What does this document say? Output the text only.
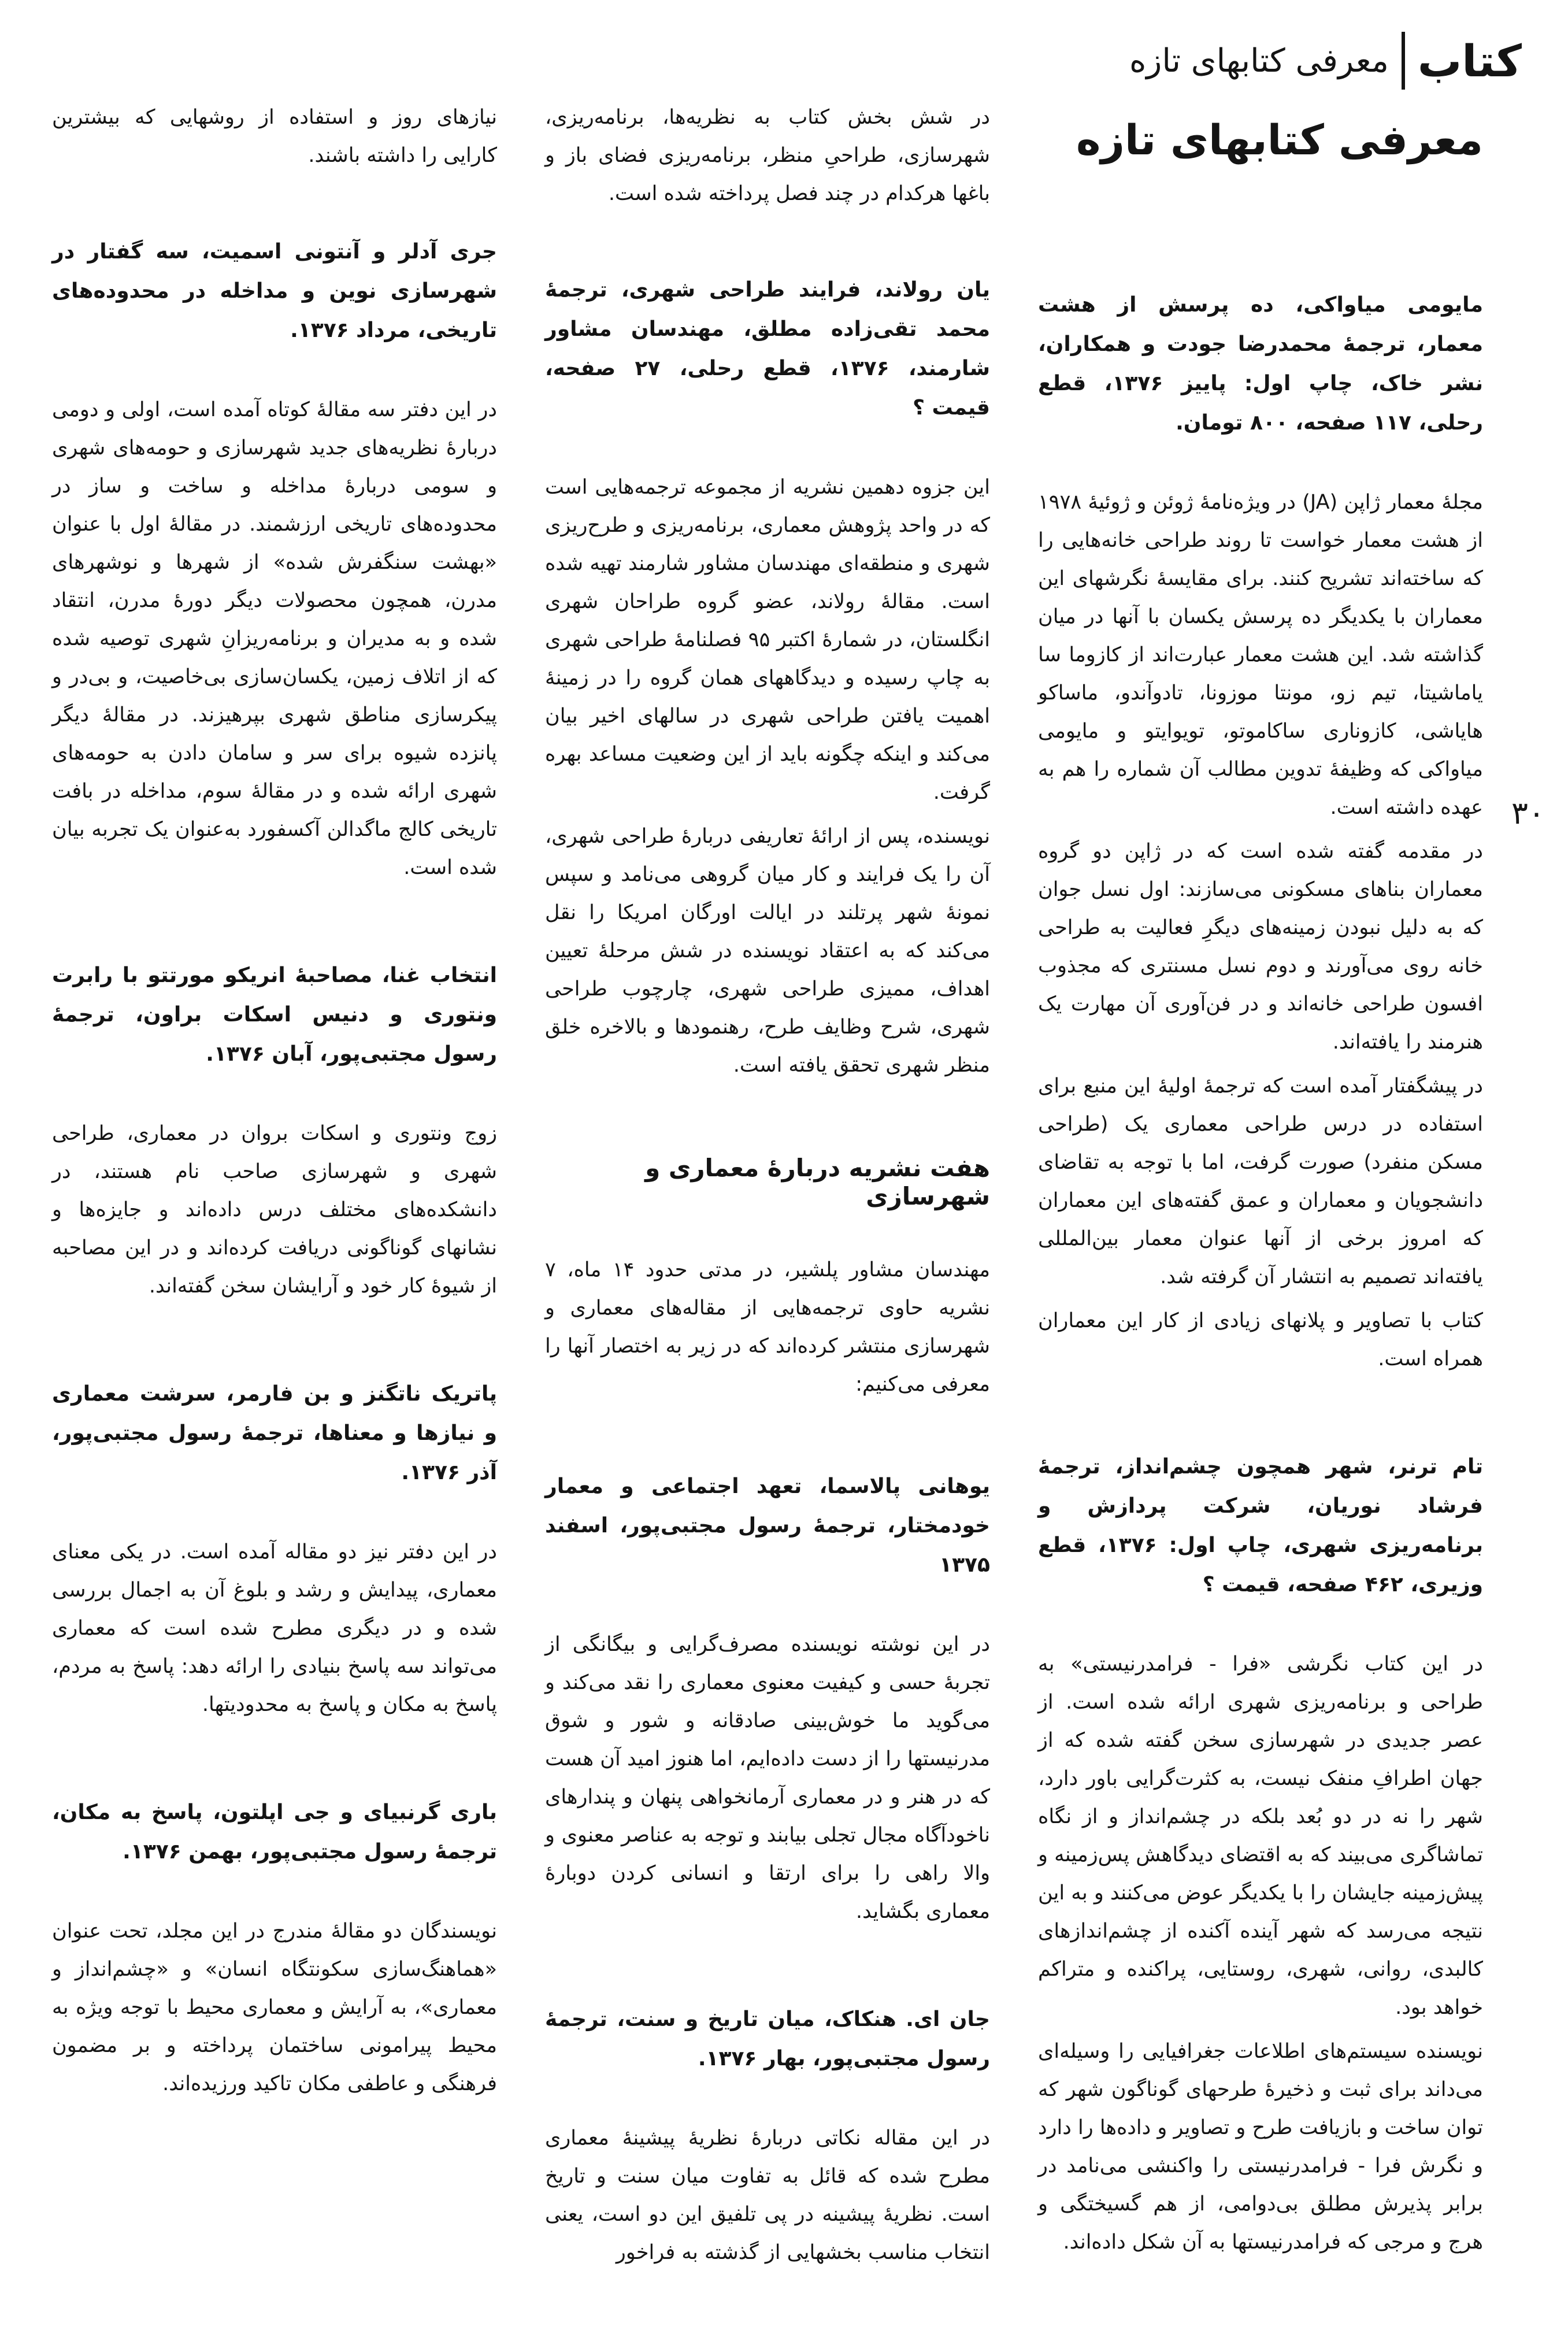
کتاب
معرفی کتابهای تازه
۳۰
معرفی کتابهای تازه
مایومی میاواکی، ده پرسش از هشت معمار، ترجمهٔ محمدرضا جودت و همکاران، نشر خاک، چاپ اول: پاییز ۱۳۷۶، قطع رحلی، ۱۱۷ صفحه، ۸۰۰ تومان.

مجلهٔ معمار ژاپن (JA) در ویژه‌نامهٔ ژوئن و ژوئیهٔ ۱۹۷۸ از هشت معمار خواست تا روند طراحی خانه‌هایی را که ساخته‌اند تشریح کنند. برای مقایسهٔ نگرشهای این معماران با یکدیگر ده پرسش یکسان با آنها در میان گذاشته شد. این هشت معمار عبارت‌اند از کازوما سا یاماشیتا، تیم زو، مونتا موزونا، تادوآندو، ماساکو هایاشی، کازوناری ساکاموتو، تویوایتو و مایومی میاواکی که وظیفهٔ تدوین مطالب آن شماره را هم به عهده داشته است.

در مقدمه گفته شده است که در ژاپن دو گروه معماران بناهای مسکونی می‌سازند: اول نسل جوان که به دلیل نبودن زمینه‌های دیگرِ فعالیت به طراحی خانه روی می‌آورند و دوم نسل مسنتری که مجذوب افسون طراحی خانه‌اند و در فن‌آوری آن مهارت یک هنرمند را یافته‌اند.

در پیشگفتار آمده است که ترجمهٔ اولیهٔ این منبع برای استفاده در درس طراحی معماری یک (طراحی مسکن منفرد) صورت گرفت، اما با توجه به تقاضای دانشجویان و معماران و عمق گفته‌های این معماران که امروز برخی از آنها عنوان معمار بین‌المللی یافته‌اند تصمیم به انتشار آن گرفته شد.

کتاب با تصاویر و پلانهای زیادی از کار این معماران همراه است.

تام ترنر، شهر همچون چشم‌انداز، ترجمهٔ فرشاد نوریان، شرکت پردازش و برنامه‌ریزی شهری، چاپ اول: ۱۳۷۶، قطع وزیری، ۴۶۲ صفحه، قیمت ؟

در این کتاب نگرشی «فرا - فرامدرنیستی» به طراحی و برنامه‌ریزی شهری ارائه شده است. از عصر جدیدی در شهرسازی سخن گفته شده که از جهان اطرافِ منفک نیست، به کثرت‌گرایی باور دارد، شهر را نه در دو بُعد بلکه در چشم‌انداز و از نگاه تماشاگری می‌بیند که به اقتضای دیدگاهش پس‌زمینه و پیش‌زمینه جایشان را با یکدیگر عوض می‌کنند و به این نتیجه می‌رسد که شهر آینده آکنده از چشم‌اندازهای کالبدی، روانی، شهری، روستایی، پراکنده و متراکم خواهد بود.

نویسنده سیستم‌های اطلاعات جغرافیایی را وسیله‌ای می‌داند برای ثبت و ذخیرهٔ طرحهای گوناگون شهر که توان ساخت و بازیافت طرح و تصاویر و داده‌ها را دارد و نگرش فرا - فرامدرنیستی را واکنشی می‌نامد در برابر پذیرش مطلق بی‌دوامی، از هم گسیختگی و هرج و مرجی که فرامدرنیستها به آن شکل داده‌اند.

در شش بخش کتاب به نظریه‌ها، برنامه‌ریزی، شهرسازی، طراحیِ منظر، برنامه‌ریزی فضای باز و باغها هرکدام در چند فصل پرداخته شده است.

یان رولاند، فرایند طراحی شهری، ترجمهٔ محمد تقی‌زاده مطلق، مهندسان مشاور شارمند، ۱۳۷۶، قطع رحلی، ۲۷ صفحه، قیمت ؟

این جزوه دهمین نشریه از مجموعه ترجمه‌هایی است که در واحد پژوهش معماری، برنامه‌ریزی و طرح‌ریزی شهری و منطقه‌ای مهندسان مشاور شارمند تهیه شده است. مقالهٔ رولاند، عضو گروه طراحان شهری انگلستان، در شمارهٔ اکتبر ۹۵ فصلنامهٔ طراحی شهری به چاپ رسیده و دیدگاههای همان گروه را در زمینهٔ اهمیت یافتن طراحی شهری در سالهای اخیر بیان می‌کند و اینکه چگونه باید از این وضعیت مساعد بهره گرفت.

نویسنده، پس از ارائهٔ تعاریفی دربارهٔ طراحی شهری، آن را یک فرایند و کار میان گروهی می‌نامد و سپس نمونهٔ شهر پرتلند در ایالت اورگان امریکا را نقل می‌کند که به اعتقاد نویسنده در شش مرحلهٔ تعیین اهداف، ممیزی طراحی شهری، چارچوب طراحی شهری، شرح وظایف طرح، رهنمودها و بالاخره خلق منظر شهری تحقق یافته است.

هفت نشریه دربارهٔ معماری و شهرسازی

مهندسان مشاور پلشیر، در مدتی حدود ۱۴ ماه، ۷ نشریه حاوی ترجمه‌هایی از مقاله‌های معماری و شهرسازی منتشر کرده‌اند که در زیر به اختصار آنها را معرفی می‌کنیم:

یوهانی پالاسما، تعهد اجتماعی و معمار خودمختار، ترجمهٔ رسول مجتبی‌پور، اسفند ۱۳۷۵

در این نوشته نویسنده مصرف‌گرایی و بیگانگی از تجربهٔ حسی و کیفیت معنوی معماری را نقد می‌کند و می‌گوید ما خوش‌بینی صادقانه و شور و شوق مدرنیستها را از دست داده‌ایم، اما هنوز امید آن هست که در هنر و در معماری آرمانخواهی پنهان و پندارهای ناخودآگاه مجال تجلی بیابند و توجه به عناصر معنوی و والا راهی را برای ارتقا و انسانی کردن دوبارهٔ معماری بگشاید.

جان ای. هنکاک، میان تاریخ و سنت، ترجمهٔ رسول مجتبی‌پور، بهار ۱۳۷۶.

در این مقاله نکاتی دربارهٔ نظریهٔ پیشینهٔ معماری مطرح شده که قائل به تفاوت میان سنت و تاریخ است. نظریهٔ پیشینه در پی تلفیق این دو است، یعنی انتخاب مناسب بخشهایی از گذشته به فراخور

نیازهای روز و استفاده از روشهایی که بیشترین کارایی را داشته باشند.

جری آدلر و آنتونی اسمیت، سه گفتار در شهرسازی نوین و مداخله در محدوده‌های تاریخی، مرداد ۱۳۷۶.

در این دفتر سه مقالهٔ کوتاه آمده است، اولی و دومی دربارهٔ نظریه‌های جدید شهرسازی و حومه‌های شهری و سومی دربارهٔ مداخله و ساخت و ساز در محدوده‌های تاریخی ارزشمند. در مقالهٔ اول با عنوان «بهشت سنگفرش شده» از شهرها و نوشهرهای مدرن، همچون محصولات دیگر دورهٔ مدرن، انتقاد شده و به مدیران و برنامه‌ریزانِ شهری توصیه شده که از اتلاف زمین، یکسان‌سازی بی‌خاصیت، و بی‌در و پیکرسازی مناطق شهری بپرهیزند. در مقالهٔ دیگر پانزده شیوه برای سر و سامان دادن به حومه‌های شهری ارائه شده و در مقالهٔ سوم، مداخله در بافت تاریخی کالج ماگدالن آکسفورد به‌عنوان یک تجربه بیان شده است.

انتخاب غنا، مصاحبهٔ انریکو مورتتو با رابرت ونتوری و دنیس اسکات براون، ترجمهٔ رسول مجتبی‌پور، آبان ۱۳۷۶.

زوج ونتوری و اسکات بروان در معماری، طراحی شهری و شهرسازی صاحب نام هستند، در دانشکده‌های مختلف درس داده‌اند و جایزه‌ها و نشانهای گوناگونی دریافت کرده‌اند و در این مصاحبه از شیوهٔ کار خود و آرایشان سخن گفته‌اند.

پاتریک ناتگنز و بن فارمر، سرشت معماری و نیازها و معناها، ترجمهٔ رسول مجتبی‌پور، آذر ۱۳۷۶.

در این دفتر نیز دو مقاله آمده است. در یکی معنای معماری، پیدایش و رشد و بلوغ آن به اجمال بررسی شده و در دیگری مطرح شده است که معماری می‌تواند سه پاسخ بنیادی را ارائه دهد: پاسخ به مردم، پاسخ به مکان و پاسخ به محدودیتها.

باری گرنبیای و جی اپلتون، پاسخ به مکان، ترجمهٔ رسول مجتبی‌پور، بهمن ۱۳۷۶.

نویسندگان دو مقالهٔ مندرج در این مجلد، تحت عنوان «هماهنگ‌سازی سکونتگاه انسان» و «چشم‌انداز و معماری»، به آرایش و معماری محیط با توجه ویژه به محیط پیرامونی ساختمان پرداخته و بر مضمون فرهنگی و عاطفی مکان تاکید ورزیده‌اند.
